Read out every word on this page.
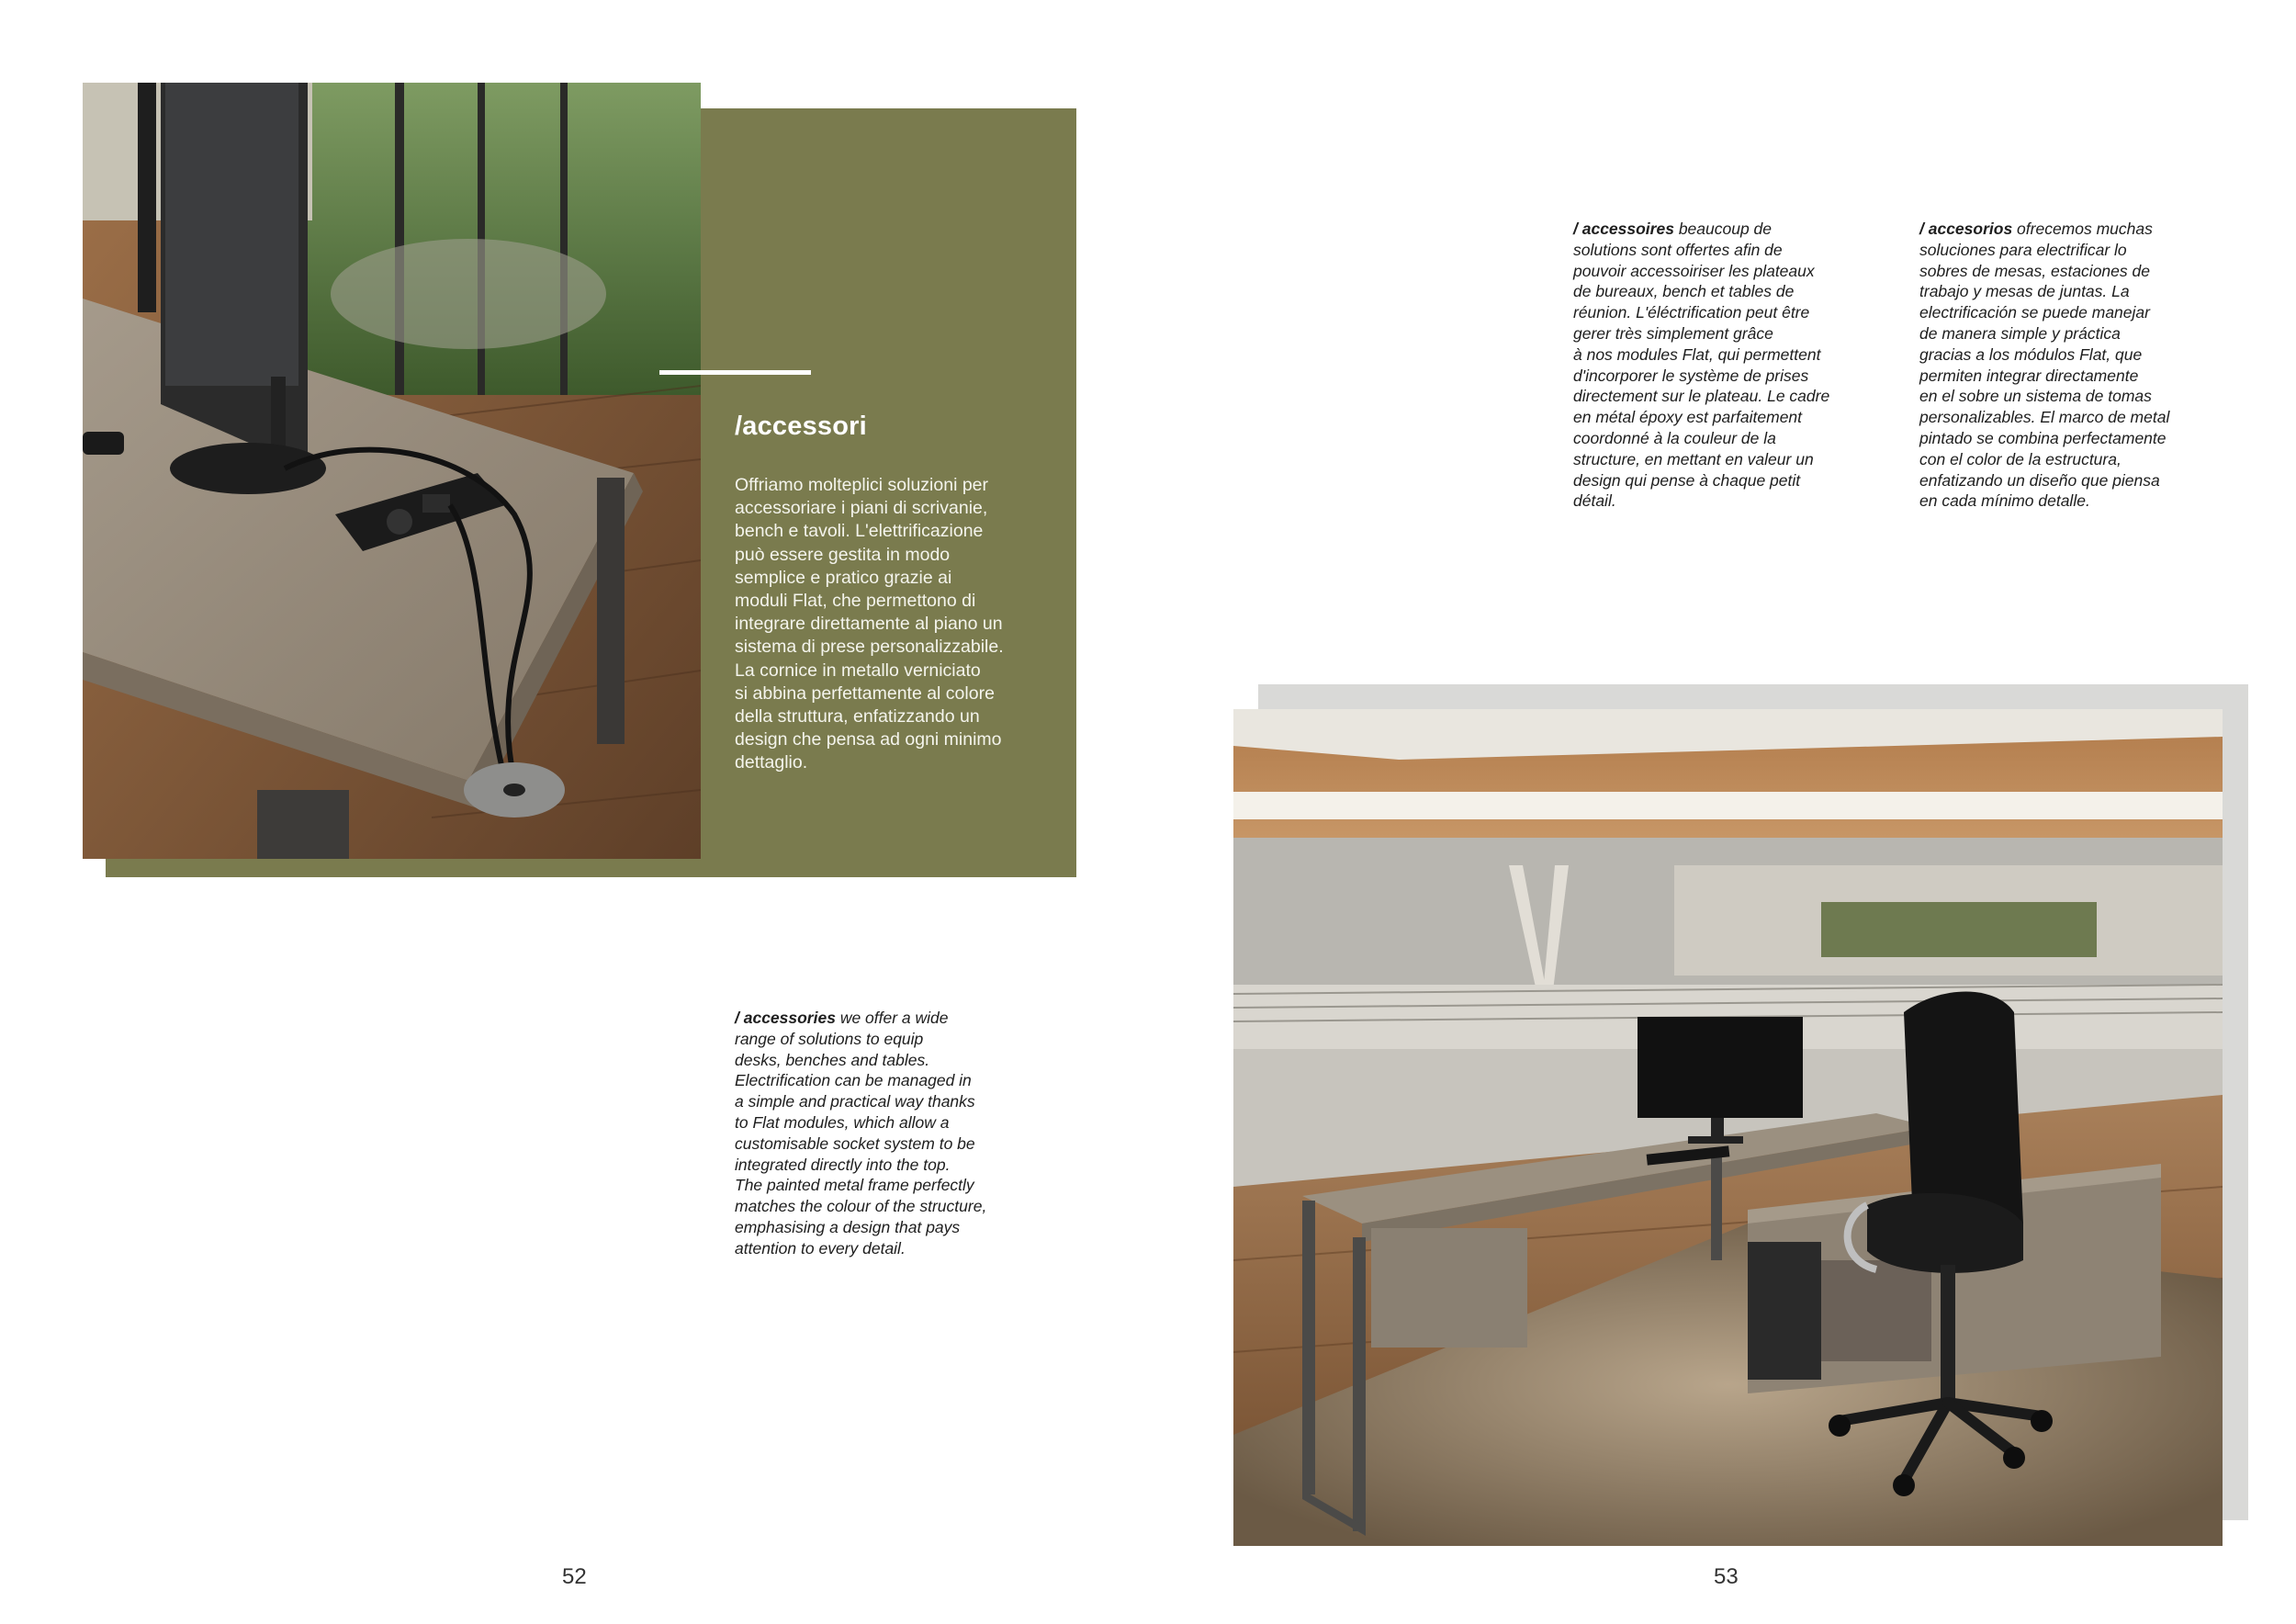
/accessori
Offriamo molteplici soluzioni per
accessoriare i piani di scrivanie,
bench e tavoli. L'elettrificazione
può essere gestita in modo
semplice e pratico grazie ai
moduli Flat, che permettono di
integrare direttamente al piano un
sistema di prese personalizzabile.
La cornice in metallo verniciato
si abbina perfettamente al colore
della struttura, enfatizzando un
design che pensa ad ogni minimo
dettaglio.
/ accessories we offer a wide
range of solutions to equip
desks, benches and tables.
Electrification can be managed in
a simple and practical way thanks
to Flat modules, which allow a
customisable socket system to be
integrated directly into the top.
The painted metal frame perfectly
matches the colour of the structure,
emphasising a design that pays
attention to every detail.
52
/ accessoires beaucoup de
solutions sont offertes afin de
pouvoir accessoiriser les plateaux
de bureaux, bench et tables de
réunion. L'éléctrification peut être
gerer très simplement grâce
à nos modules Flat, qui permettent
d'incorporer le système de prises
directement sur le plateau. Le cadre
en métal époxy est parfaitement
coordonné à la couleur de la
structure, en mettant en valeur un
design qui pense à chaque petit
détail.
/ accesorios ofrecemos muchas
soluciones para electrificar lo
sobres de mesas, estaciones de
trabajo y mesas de juntas. La
electrificación se puede manejar
de manera simple y práctica
gracias a los módulos Flat, que
permiten integrar directamente
en el sobre un sistema de tomas
personalizables. El marco de metal
pintado se combina perfectamente
con el color de la estructura,
enfatizando un diseño que piensa
en cada mínimo detalle.
53
